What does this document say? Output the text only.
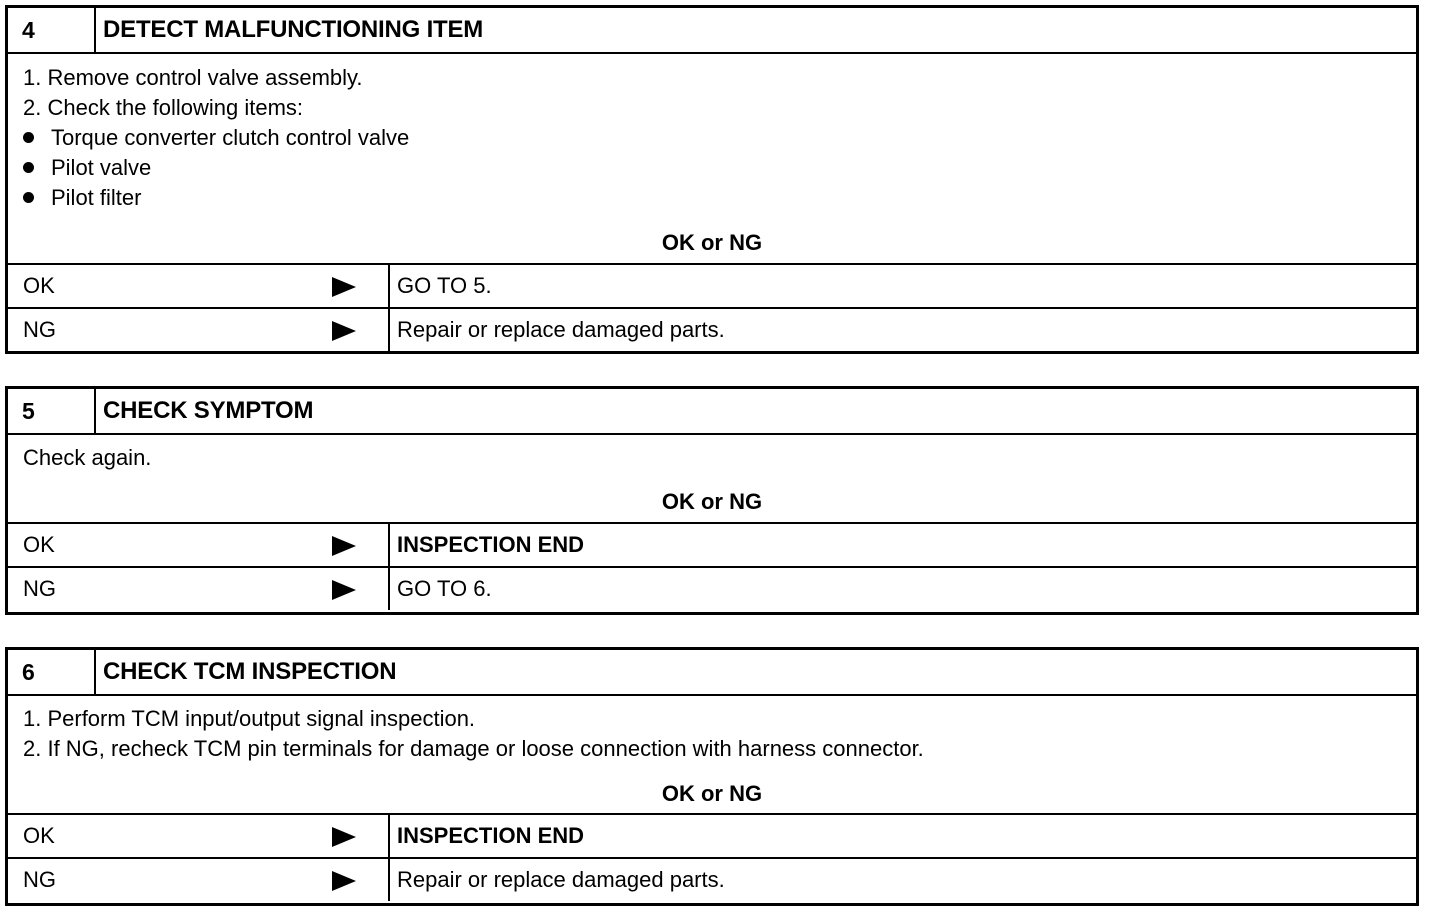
4	DETECT MALFUNCTIONING ITEM
1. Remove control valve assembly.
2. Check the following items:
Torque converter clutch control valve
Pilot valve
Pilot filter
OK or NG
OK	GO TO 5.
NG	Repair or replace damaged parts.
5	CHECK SYMPTOM
Check again.
OK or NG
OK	INSPECTION END
NG	GO TO 6.
6	CHECK TCM INSPECTION
1. Perform TCM input/output signal inspection.
2. If NG, recheck TCM pin terminals for damage or loose connection with harness connector.
OK or NG
OK	INSPECTION END
NG	Repair or replace damaged parts.
